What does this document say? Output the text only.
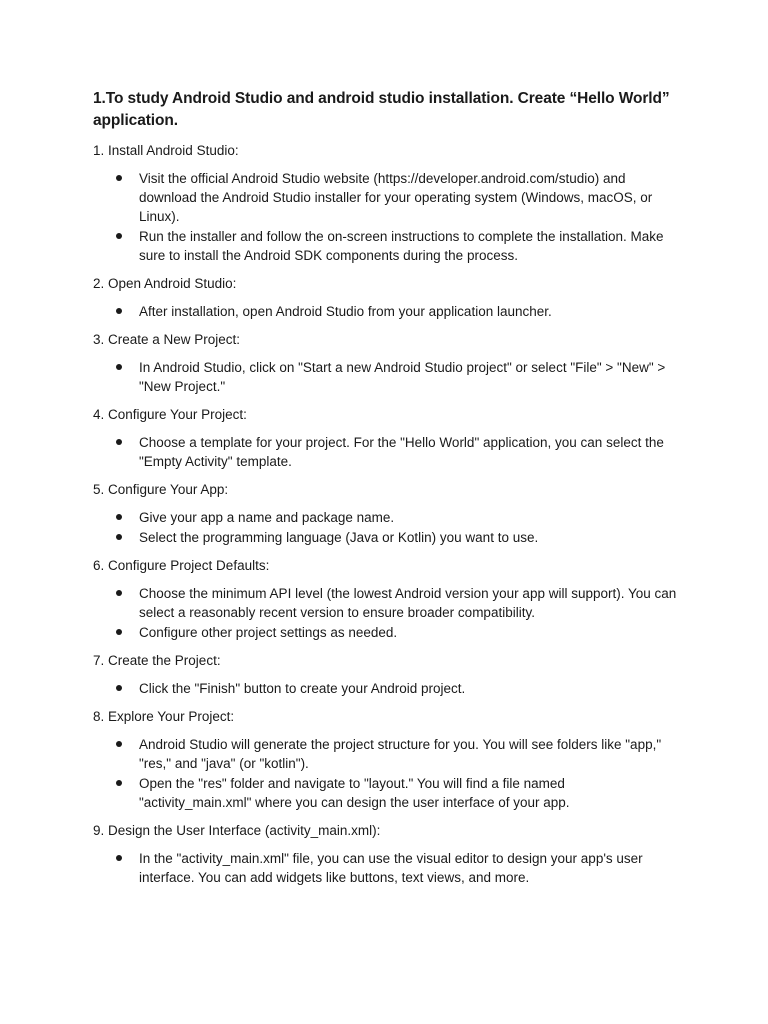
1.To study Android Studio and android studio installation. Create “Hello World” application.

1. Install Android Studio:

Visit the official Android Studio website (https://developer.android.com/studio) and download the Android Studio installer for your operating system (Windows, macOS, or Linux).
Run the installer and follow the on-screen instructions to complete the installation. Make sure to install the Android SDK components during the process.

2. Open Android Studio:

After installation, open Android Studio from your application launcher.

3. Create a New Project:

In Android Studio, click on "Start a new Android Studio project" or select "File" > "New" > "New Project."

4. Configure Your Project:

Choose a template for your project. For the "Hello World" application, you can select the "Empty Activity" template.

5. Configure Your App:

Give your app a name and package name.
Select the programming language (Java or Kotlin) you want to use.

6. Configure Project Defaults:

Choose the minimum API level (the lowest Android version your app will support). You can select a reasonably recent version to ensure broader compatibility.
Configure other project settings as needed.

7. Create the Project:

Click the "Finish" button to create your Android project.

8. Explore Your Project:

Android Studio will generate the project structure for you. You will see folders like "app," "res," and "java" (or "kotlin").
Open the "res" folder and navigate to "layout." You will find a file named "activity_main.xml" where you can design the user interface of your app.

9. Design the User Interface (activity_main.xml):

In the "activity_main.xml" file, you can use the visual editor to design your app's user interface. You can add widgets like buttons, text views, and more.
